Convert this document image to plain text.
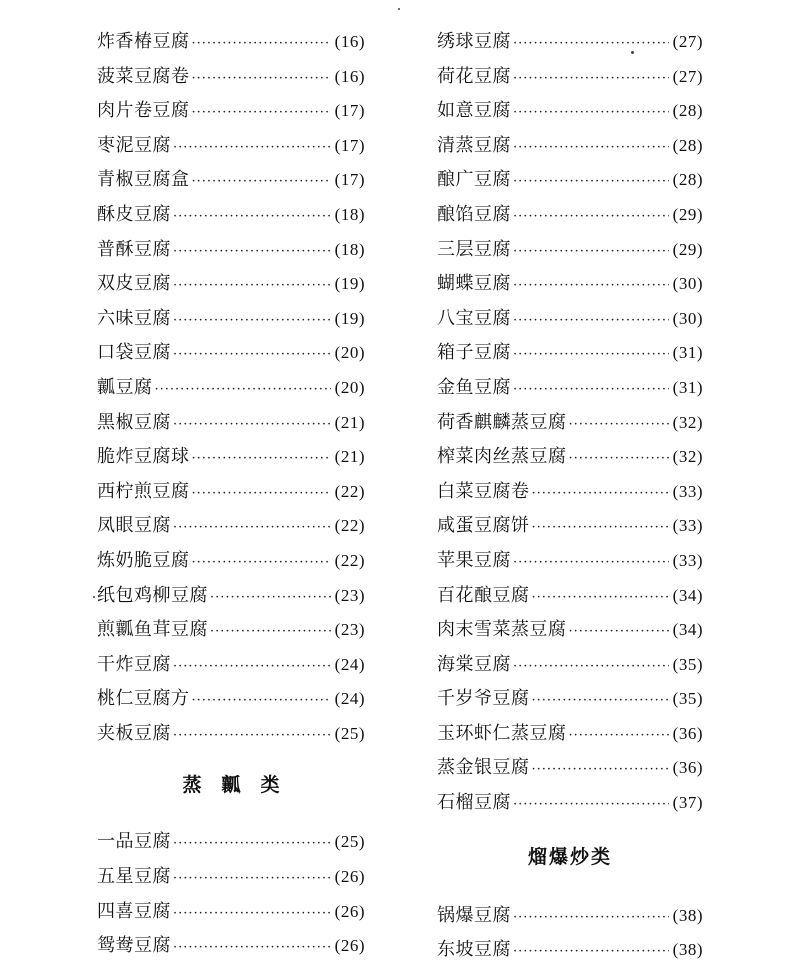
炸香椿豆腐 ·····	(16)
菠菜豆腐卷 ·····	(16)
肉片卷豆腐 ·····	(17)
枣泥豆腐 ·····	(17)
青椒豆腐盒 ·····	(17)
酥皮豆腐 ·····	(18)
普酥豆腐 ·····	(18)
双皮豆腐 ·····	(19)
六味豆腐 ·····	(19)
口袋豆腐 ·····	(20)
瓤豆腐 ·····	(20)
黑椒豆腐 ·····	(21)
脆炸豆腐球 ·····	(21)
西柠煎豆腐 ·····	(22)
凤眼豆腐 ·····	(22)
炼奶脆豆腐 ·····	(22)
纸包鸡柳豆腐 ·····	(23)
煎瓤鱼茸豆腐 ·····	(23)
干炸豆腐 ·····	(24)
桃仁豆腐方 ·····	(24)
夹板豆腐 ·····	(25)
蒸瓤类
一品豆腐 ·····	(25)
五星豆腐 ·····	(26)
四喜豆腐 ·····	(26)
鸳鸯豆腐 ·····	(26)
绣球豆腐 ·····	(27)
荷花豆腐 ·····	(27)
如意豆腐 ·····	(28)
清蒸豆腐 ·····	(28)
酿广豆腐 ·····	(28)
酿馅豆腐 ·····	(29)
三层豆腐 ·····	(29)
蝴蝶豆腐 ·····	(30)
八宝豆腐 ·····	(30)
箱子豆腐 ·····	(31)
金鱼豆腐 ·····	(31)
荷香麒麟蒸豆腐 ·····	(32)
榨菜肉丝蒸豆腐 ·····	(32)
白菜豆腐卷 ·····	(33)
咸蛋豆腐饼 ·····	(33)
苹果豆腐 ·····	(33)
百花酿豆腐 ·····	(34)
肉末雪菜蒸豆腐 ·····	(34)
海棠豆腐 ·····	(35)
千岁爷豆腐 ·····	(35)
玉环虾仁蒸豆腐 ·····	(36)
蒸金银豆腐 ·····	(36)
石榴豆腐 ·····	(37)
熘爆炒类
锅爆豆腐 ·····	(38)
东坡豆腐 ·····	(38)
